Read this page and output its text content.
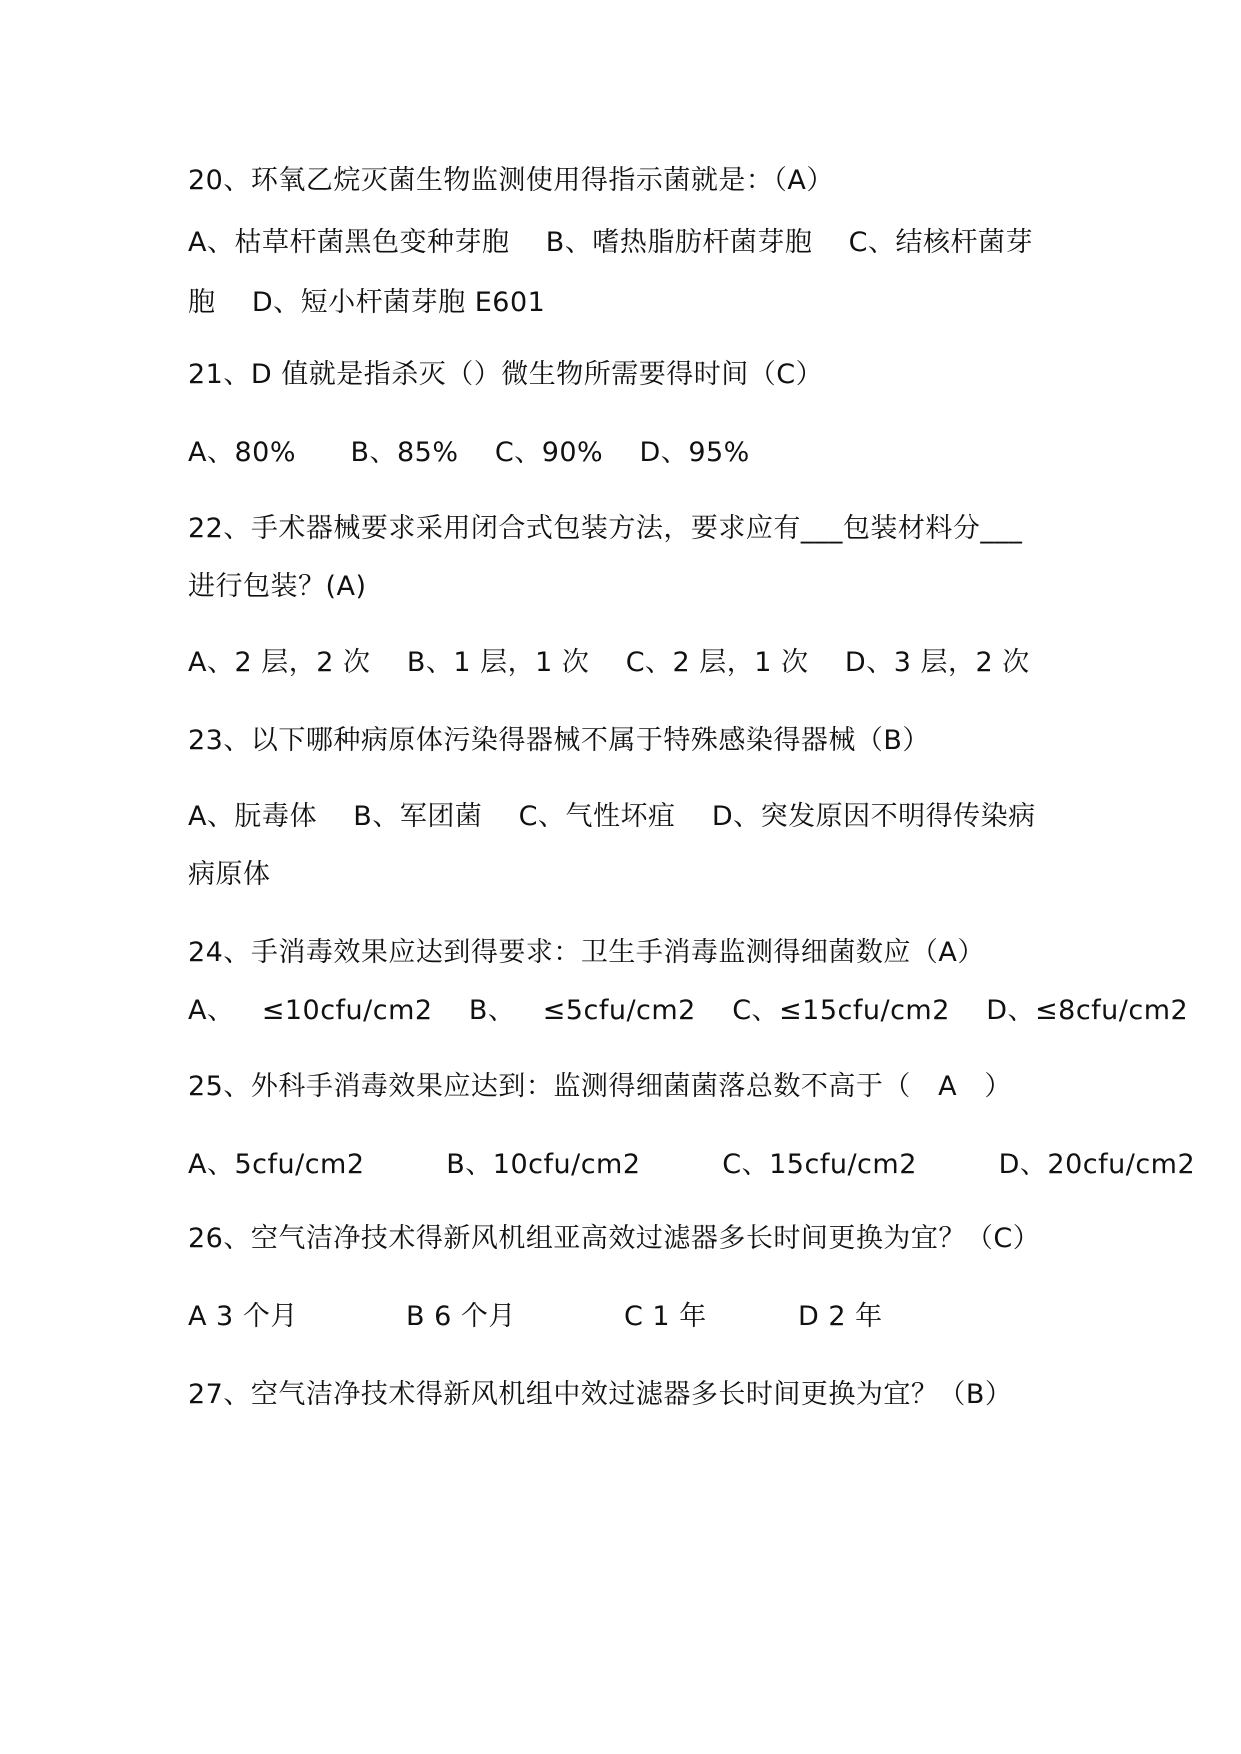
20、环氧乙烷灭菌生物监测使用得指示菌就是：（A）
A、枯草杆菌黑色变种芽胞    B、嗜热脂肪杆菌芽胞    C、结核杆菌芽
胞    D、短小杆菌芽胞 E601
21、D 值就是指杀灭（）微生物所需要得时间（C）
A、80%      B、85%    C、90%    D、95%
22、手术器械要求采用闭合式包装方法，要求应有___包装材料分___
进行包装？(A)
A、2 层，2 次    B、1 层，1 次    C、2 层，1 次    D、3 层，2 次
23、以下哪种病原体污染得器械不属于特殊感染得器械（B）
A、朊毒体    B、军团菌    C、气性坏疽    D、突发原因不明得传染病
病原体
24、手消毒效果应达到得要求：卫生手消毒监测得细菌数应（A）
A、   ≤10cfu/cm2    B、   ≤5cfu/cm2    C、≤15cfu/cm2    D、≤8cfu/cm2
25、外科手消毒效果应达到：监测得细菌菌落总数不高于（   A   ）
A、5cfu/cm2         B、10cfu/cm2         C、15cfu/cm2         D、20cfu/cm2
26、空气洁净技术得新风机组亚高效过滤器多长时间更换为宜？（C）
A 3 个月	B 6 个月	C 1 年	D 2 年
27、空气洁净技术得新风机组中效过滤器多长时间更换为宜？（B）
